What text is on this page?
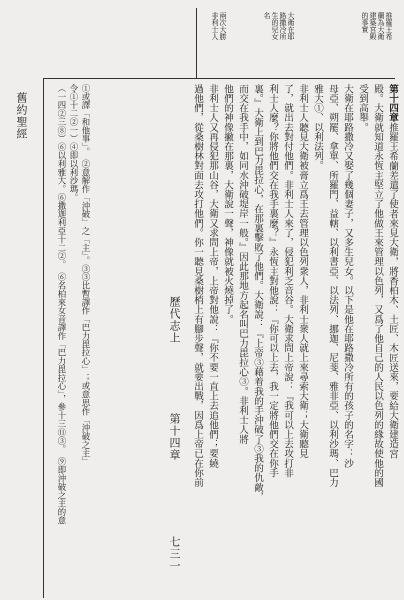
舊約聖經
歷代志上
第十四章
七三一
推羅王希
蘭為大衛
建築宮殿
的事實
大衛在耶
路撒冷所
生的兒女
名
兩次大勝
非利士人
第十四章推羅王希蘭差遣了使者來見大衛，將香柏木、土匠、木匠送來，要給大衛建造宮
殿。大衛就知道永恆主堅立了他做王來管理以色列，又爲了他自己的人民以色列的緣故使他的國
受到高舉。
大衛在耶路撒冷又娶了幾個妻子，又多生兒女。以下是他在耶路撒冷所有的孩子的名字：沙
母亞、朔罷、拿單、所羅門、益轄、以利書亞、以法列、挪迦、尼斐、雅非亞、以利沙瑪、巴力
雅大①、以利法列。
非利士人聽見大衛被膏立爲王去管理以色列衆人，非利士衆人就上來尋索大衛；大衛聽見
了，就出去對付他們。非利士人來了，侵犯利乏音谷。大衛求問上帝說：『我可以上去攻打非
利士人麼？你將他們交在我手裏麼？』永恆主對他說：『你可以上去，我一定將他們交在你手
裏。』大衛上到巴力毘拉心，在那裏擊敗了他們。大衛說：『上帝③藉着我的手沖破了③我的仇敵，
而交在我手中，如同水沖破堤岸一般。』因此那地方起名叫巴力毘拉心③。非利士人將
他們的神像撇在那裏，大衛說一聲，神像就被火燒掉了。
非利士人又再侵犯那山谷，大衛又求問上帝，上帝對他說：『你不要一直上去追他們；要繞
過他們，從桑樹林對面去攻打他們。你一聽見桑樹梢上有腳步聲，就要出戰，因爲上帝已在你前
①或譯「和他事」。　②意解作「沖破」之「主」。③③比暫譯作「巴力毘拉心」；或意思作「沖破之主」
令①十二②一）④即以利沙瑪。
（一四②三⑧）⑥以利雅大。⑥撒迦利亞十二②。　⑥名柏來女音譯作「巴力毘拉心」，參十三⑪③。　⑨即沖破之主的意
